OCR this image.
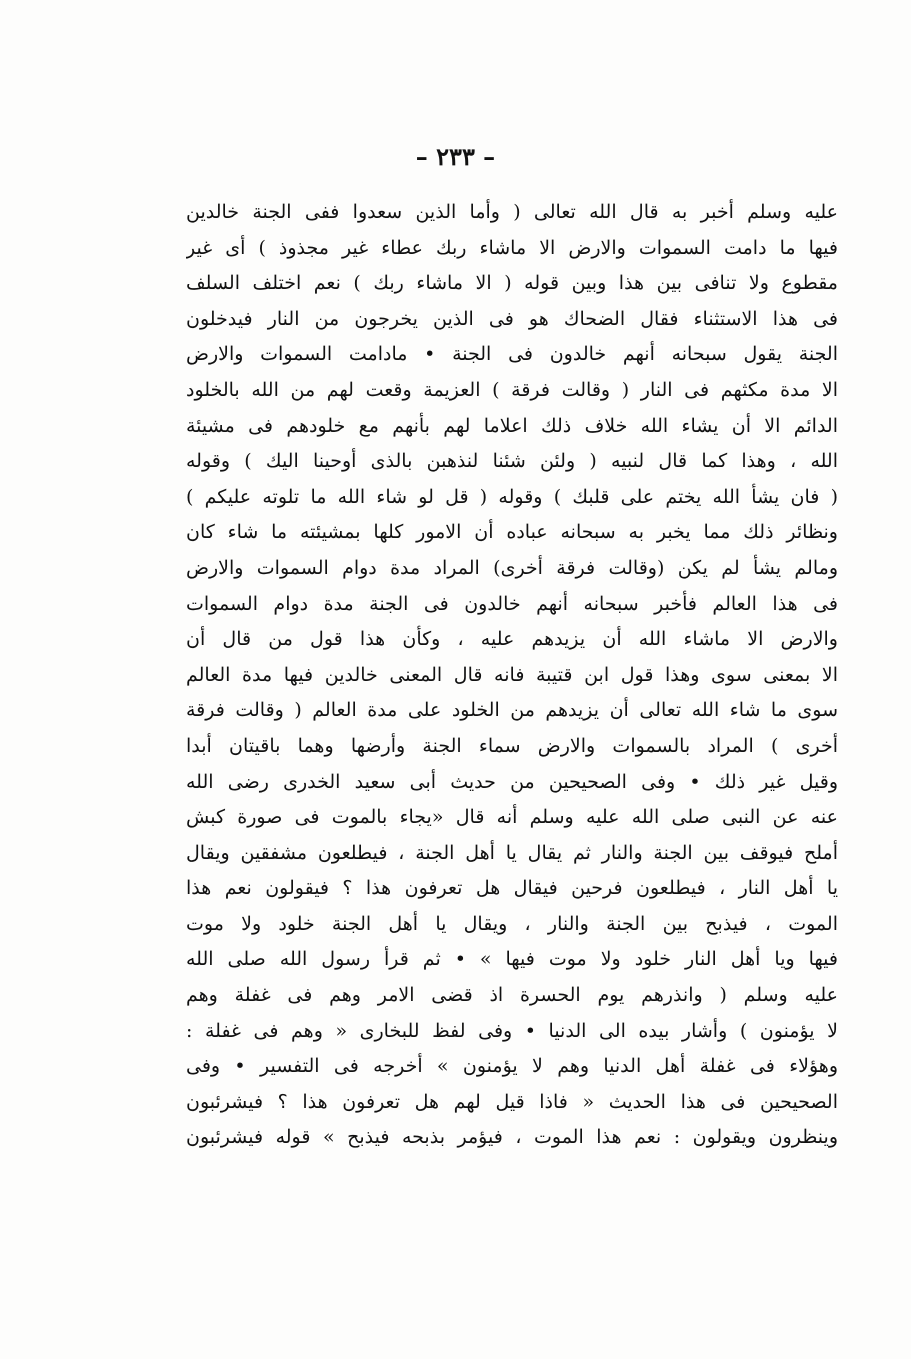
– ٢٣٣ –
عليه وسلم أخبر به قال الله تعالى ( وأما الذين سعدوا ففى الجنة خالدين
فيها ما دامت السموات والارض الا ماشاء ربك عطاء غير مجذوذ ) أى غير
مقطوع ولا تنافى بين هذا وبين قوله ( الا ماشاء ربك ) نعم اختلف السلف
فى هذا الاستثناء فقال الضحاك هو فى الذين يخرجون من النار فيدخلون
الجنة يقول سبحانه أنهم خالدون فى الجنة • مادامت السموات والارض
الا مدة مكثهم فى النار ( وقالت فرقة ) العزيمة وقعت لهم من الله بالخلود
الدائم الا أن يشاء الله خلاف ذلك اعلاما لهم بأنهم مع خلودهم فى مشيئة
الله ، وهذا كما قال لنبيه ( ولئن شئنا لنذهبن بالذى أوحينا اليك ) وقوله
( فان يشأ الله يختم على قلبك ) وقوله ( قل لو شاء الله ما تلوته عليكم )
ونظائر ذلك مما يخبر به سبحانه عباده أن الامور كلها بمشيئته ما شاء كان
ومالم يشأ لم يكن (وقالت فرقة أخرى) المراد مدة دوام السموات والارض
فى هذا العالم فأخبر سبحانه أنهم خالدون فى الجنة مدة دوام السموات
والارض الا ماشاء الله أن يزيدهم عليه ، وكأن هذا قول من قال أن
الا بمعنى سوى وهذا قول ابن قتيبة فانه قال المعنى خالدين فيها مدة العالم
سوى ما شاء الله تعالى أن يزيدهم من الخلود على مدة العالم ( وقالت فرقة
أخرى ) المراد بالسموات والارض سماء الجنة وأرضها وهما باقيتان أبدا
وقيل غير ذلك • وفى الصحيحين من حديث أبى سعيد الخدرى رضى الله
عنه عن النبى صلى الله عليه وسلم أنه قال «يجاء بالموت فى صورة كبش
أملح فيوقف بين الجنة والنار ثم يقال يا أهل الجنة ، فيطلعون مشفقين ويقال
يا أهل النار ، فيطلعون فرحين فيقال هل تعرفون هذا ؟ فيقولون نعم هذا
الموت ، فيذبح بين الجنة والنار ، ويقال يا أهل الجنة خلود ولا موت
فيها ويا أهل النار خلود ولا موت فيها » • ثم قرأ رسول الله صلى الله
عليه وسلم ( وانذرهم يوم الحسرة اذ قضى الامر وهم فى غفلة وهم
لا يؤمنون ) وأشار بيده الى الدنيا • وفى لفظ للبخارى « وهم فى غفلة :
وهؤلاء فى غفلة أهل الدنيا وهم لا يؤمنون » أخرجه فى التفسير • وفى
الصحيحين فى هذا الحديث « فاذا قيل لهم هل تعرفون هذا ؟ فيشرئبون
وينظرون ويقولون : نعم هذا الموت ، فيؤمر بذبحه فيذبح » قوله فيشرئبون
